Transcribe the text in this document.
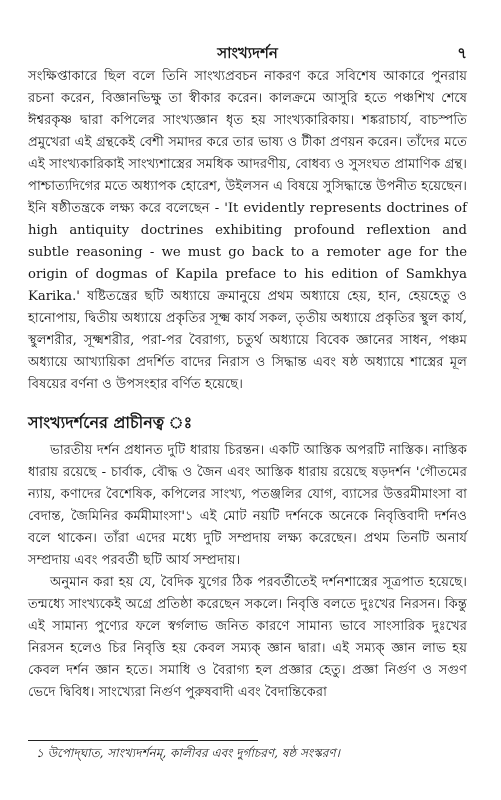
সাংখ্যদর্শন	৭

সংক্ষিপ্তাকারে ছিল বলে তিনি সাংখ্যপ্রবচন নাকরণ করে সবিশেষ আকারে পুনরায় রচনা করেন, বিজ্ঞানভিক্ষু তা স্বীকার করেন। কালক্রমে আসুরি হতে পঞ্চশিখ শেষে ঈশ্বরকৃষ্ণ দ্বারা কপিলের সাংখ্যজ্ঞান ধৃত হয় সাংখ্যকারিকায়। শঙ্করাচার্য, বাচস্পতি প্রমুখেরা এই গ্রন্থকেই বেশী সমাদর করে তার ভাষ্য ও টীকা প্রণয়ন করেন। তাঁদের মতে এই সাংখ্যকারিকাই সাংখ্যশাস্ত্রের সমধিক আদরণীয়, বোধব্য ও সুসংঘত প্রামাণিক গ্রন্থ। পাশ্চাত্যদিগের মতে অধ্যাপক হোরেশ, উইলসন এ বিষয়ে সুসিদ্ধান্তে উপনীত হয়েছেন। ইনি ষষ্ঠীতন্ত্রকে লক্ষ্য করে বলেছেন - 'It evidently represents doctrines of high antiquity doctrines exhibiting profound reflextion and subtle reasoning - we must go back to a remoter age for the origin of dogmas of Kapila preface to his edition of Samkhya Karika.' ষষ্টিতন্ত্রের ছটি অধ্যায়ে ক্রমানুয়ে প্রথম অধ্যায়ে হেয়, হান, হেয়হেতু ও হানোপায়, দ্বিতীয় অধ্যায়ে প্রকৃতির সূক্ষ্ম কার্য সকল, তৃতীয় অধ্যায়ে প্রকৃতির স্থুল কার্য, স্থুলশরীর, সূক্ষ্মশরীর, পরা-পর বৈরাগ্য, চতুর্থ অধ্যায়ে বিবেক জ্ঞানের সাধন, পঞ্চম অধ্যায়ে আখ্যায়িকা প্রদর্শিত বাদের নিরাস ও সিদ্ধান্ত এবং ষষ্ঠ অধ্যায়ে শাস্ত্রের মূল বিষয়ের বর্ণনা ও উপসংহার বর্ণিত হয়েছে।

সাংখ্যদর্শনের প্রাচীনত্ব ঃ

ভারতীয় দর্শন প্রধানত দুটি ধারায় চিরন্তন। একটি আস্তিক অপরটি নাস্তিক। নাস্তিক ধারায় রয়েছে - চার্বাক, বৌদ্ধ ও জৈন এবং আস্তিক ধারায় রয়েছে ষড়দর্শন 'গৌতমের ন্যায়, কণাদের বৈশেষিক, কপিলের সাংখ্য, পতঞ্জলির যোগ, ব্যাসের উত্তরমীমাংসা বা বেদান্ত, জৈমিনির কর্মমীমাংসা'১ এই মোট নয়টি দর্শনকে অনেকে নিবৃত্তিবাদী দর্শনও বলে থাকেন। তাঁরা এদের মধ্যে দুটি সম্প্রদায় লক্ষ্য করেছেন। প্রথম তিনটি অনার্য সম্প্রদায় এবং পরবর্তী ছটি আর্য সম্প্রদায়।

অনুমান করা হয় যে, বৈদিক যুগের ঠিক পরবর্তীতেই দর্শনশাস্ত্রের সূত্রপাত হয়েছে। তন্মধ্যে সাংখ্যকেই অগ্রে প্রতিষ্ঠা করেছেন সকলে। নিবৃত্তি বলতে দুঃখের নিরসন। কিন্তু এই সামান্য পুণ্যের ফলে স্বর্গলাভ জনিত কারণে সামান্য ভাবে সাংসারিক দুঃখের নিরসন হলেও চির নিবৃত্তি হয় কেবল সম্যক্ জ্ঞান দ্বারা। এই সম্যক্ জ্ঞান লাভ হয় কেবল দর্শন জ্ঞান হতে। সমাধি ও বৈরাগ্য হল প্রজ্ঞার হেতু। প্রজ্ঞা নির্গুণ ও সগুণ ভেদে দ্বিবিধ। সাংখ্যেরা নির্গুণ পুরুষবাদী এবং বৈদান্তিকেরা

১ উপোদ্‌ঘাত, সাংখ্যদর্শনম্‌, কালীবর এবং দুর্গাচরণ, ষষ্ঠ সংস্করণ।
